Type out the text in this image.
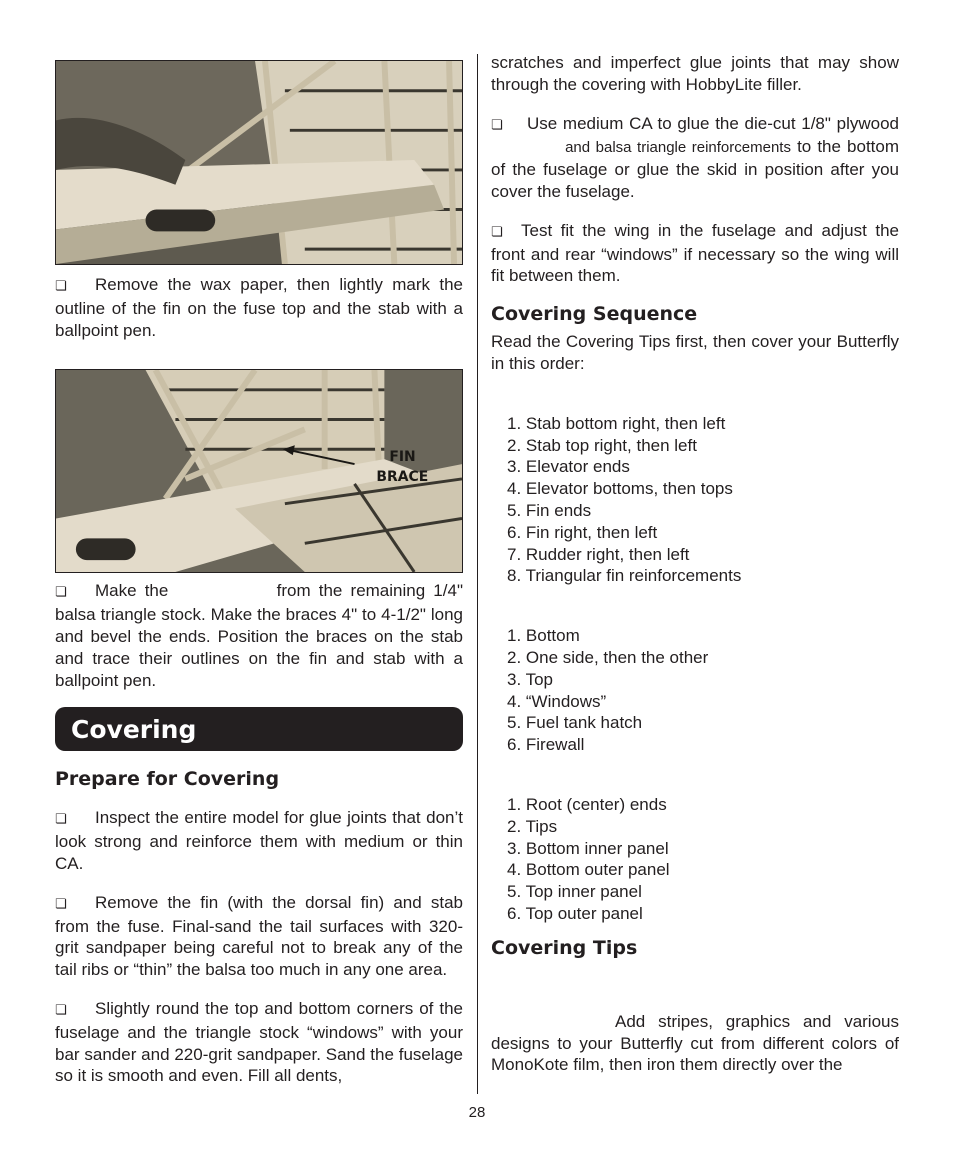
❏ Remove the wax paper, then lightly mark the outline of the fin on the fuse top and the stab with a ballpoint pen.

FIN
BRACE

❏ Make the	from the remaining 1/4" balsa triangle stock. Make the braces 4" to 4-1/2" long and bevel the ends. Position the braces on the stab and trace their outlines on the fin and stab with a ballpoint pen.

Covering
Prepare for Covering

❏ Inspect the entire model for glue joints that don’t look strong and reinforce them with medium or thin CA.

❏ Remove the fin (with the dorsal fin) and stab from the fuse. Final-sand the tail surfaces with 320-grit sandpaper being careful not to break any of the tail ribs or “thin” the balsa too much in any one area.

❏ Slightly round the top and bottom corners of the fuselage and the triangle stock “windows” with your bar sander and 220-grit sandpaper. Sand the fuselage so it is smooth and even. Fill all dents,

scratches and imperfect glue joints that may show through the covering with HobbyLite filler.

❏ Use medium CA to glue the die-cut 1/8" plywood  and balsa triangle reinforcements to the bottom of the fuselage or glue the skid in position after you cover the fuselage.

❏ Test fit the wing in the fuselage and adjust the front and rear “windows” if necessary so the wing will fit between them.

Covering Sequence

Read the Covering Tips first, then cover your Butterfly in this order:

1. Stab bottom right, then left
2. Stab top right, then left
3. Elevator ends
4. Elevator bottoms, then tops
5. Fin ends
6. Fin right, then left
7. Rudder right, then left
8. Triangular fin reinforcements
1. Bottom
2. One side, then the other
3. Top
4. “Windows”
5. Fuel tank hatch
6. Firewall
1. Root (center) ends
2. Tips
3. Bottom inner panel
4. Bottom outer panel
5. Top inner panel
6. Top outer panel
Covering Tips

Add stripes, graphics and various designs to your Butterfly cut from different colors of MonoKote film, then iron them directly over the

28
